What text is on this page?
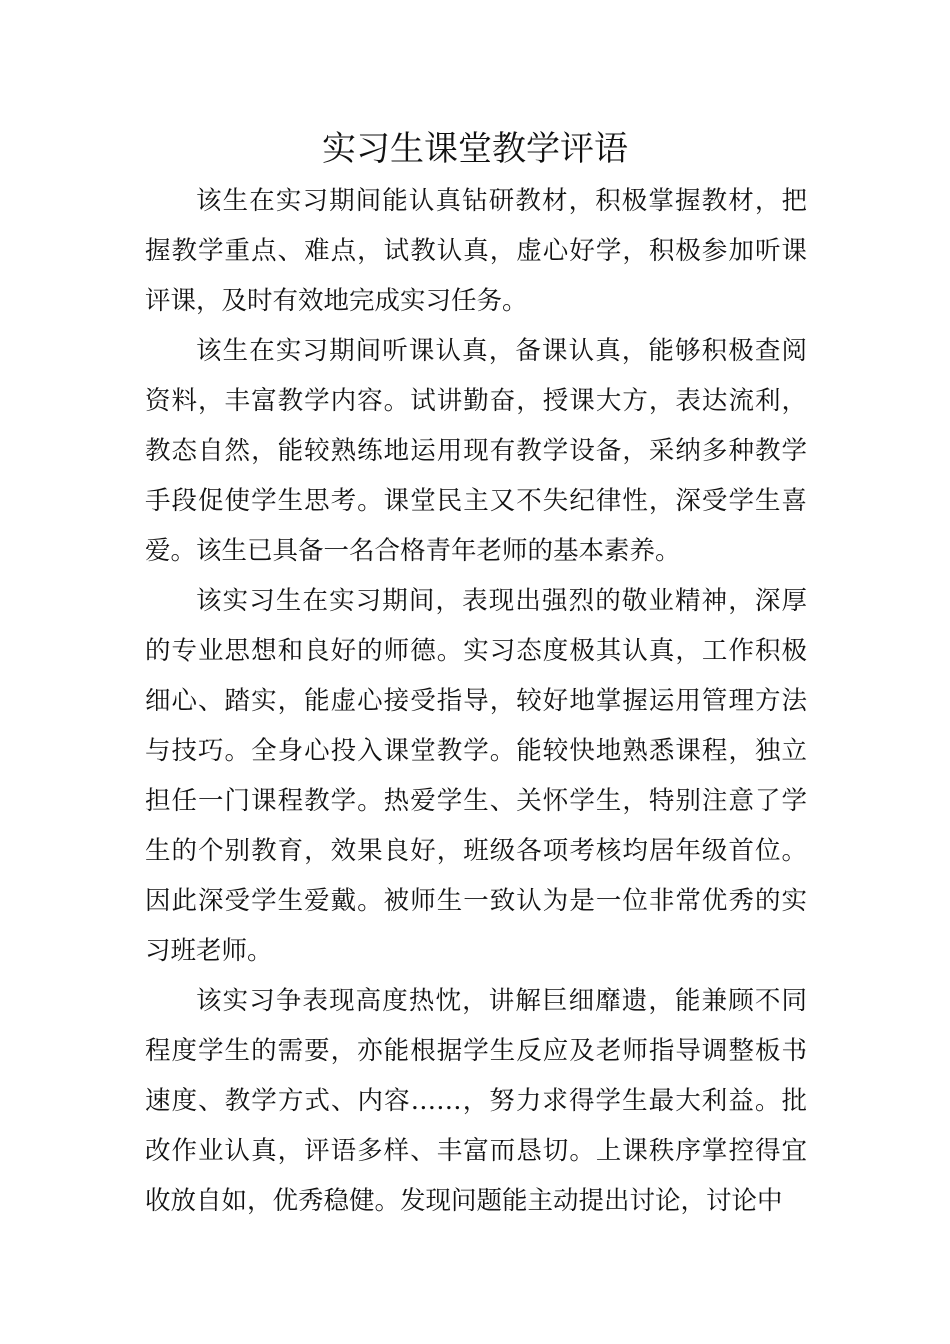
实习生课堂教学评语

该生在实习期间能认真钻研教材，积极掌握教材，把握教学重点、难点，试教认真，虚心好学，积极参加听课评课，及时有效地完成实习任务。

该生在实习期间听课认真，备课认真，能够积极查阅资料，丰富教学内容。试讲勤奋，授课大方，表达流利，教态自然，能较熟练地运用现有教学设备，采纳多种教学手段促使学生思考。课堂民主又不失纪律性，深受学生喜爱。该生已具备一名合格青年老师的基本素养。

该实习生在实习期间，表现出强烈的敬业精神，深厚的专业思想和良好的师德。实习态度极其认真，工作积极细心、踏实，能虚心接受指导，较好地掌握运用管理方法与技巧。全身心投入课堂教学。能较快地熟悉课程，独立担任一门课程教学。热爱学生、关怀学生，特别注意了学生的个别教育，效果良好，班级各项考核均居年级首位。因此深受学生爱戴。被师生一致认为是一位非常优秀的实习班老师。

该实习争表现高度热忱，讲解巨细靡遗，能兼顾不同程度学生的需要，亦能根据学生反应及老师指导调整板书速度、教学方式、内容……，努力求得学生最大利益。批改作业认真，评语多样、丰富而恳切。上课秩序掌控得宜收放自如，优秀稳健。发现问题能主动提出讨论，讨论中
